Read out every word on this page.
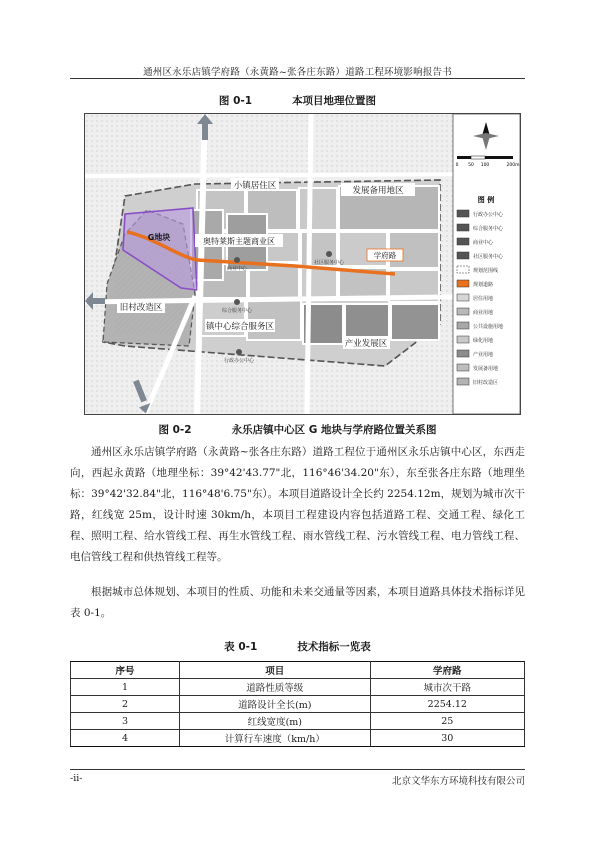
通州区永乐店镇学府路（永黄路~张各庄东路）道路工程环境影响报告书
图 0-1	本项目地理位置图
小镇居住区	发展备用地区
奥特莱斯主题商业区
旧村改造区
镇中心综合服务区
产业发展区
G地块
学府路
商业中心
社区服务中心
综合服务中心
行政办公中心
0 50 100	200m
图 例
行政办公中心
综合服务中心
商业中心
社区服务中心
规划范围线
规划道路
居住用地
商业用地
公共设施用地
绿化用地
产业用地
发展备用地
旧村改造区
图 0-2	永乐店镇中心区 G 地块与学府路位置关系图

通州区永乐店镇学府路（永黄路~张各庄东路）道路工程位于通州区永乐店镇中心区，东西走向，西起永黄路（地理坐标：39°42'43.77"北，116°46'34.20"东），东至张各庄东路（地理坐标：39°42'32.84"北，116°48'6.75"东）。本项目道路设计全长约 2254.12m，规划为城市次干路，红线宽 25m，设计时速 30km/h，本项目工程建设内容包括道路工程、交通工程、绿化工程、照明工程、给水管线工程、再生水管线工程、雨水管线工程、污水管线工程、电力管线工程、电信管线工程和供热管线工程等。

根据城市总体规划、本项目的性质、功能和未来交通量等因素，本项目道路具体技术指标详见表 0-1。

表 0-1	技术指标一览表
序号	项目	学府路
1	道路性质等级	城市次干路
2	道路设计全长(m)	2254.12
3	红线宽度(m)	25
4	计算行车速度（km/h）	30
-ii-	北京文华东方环境科技有限公司
